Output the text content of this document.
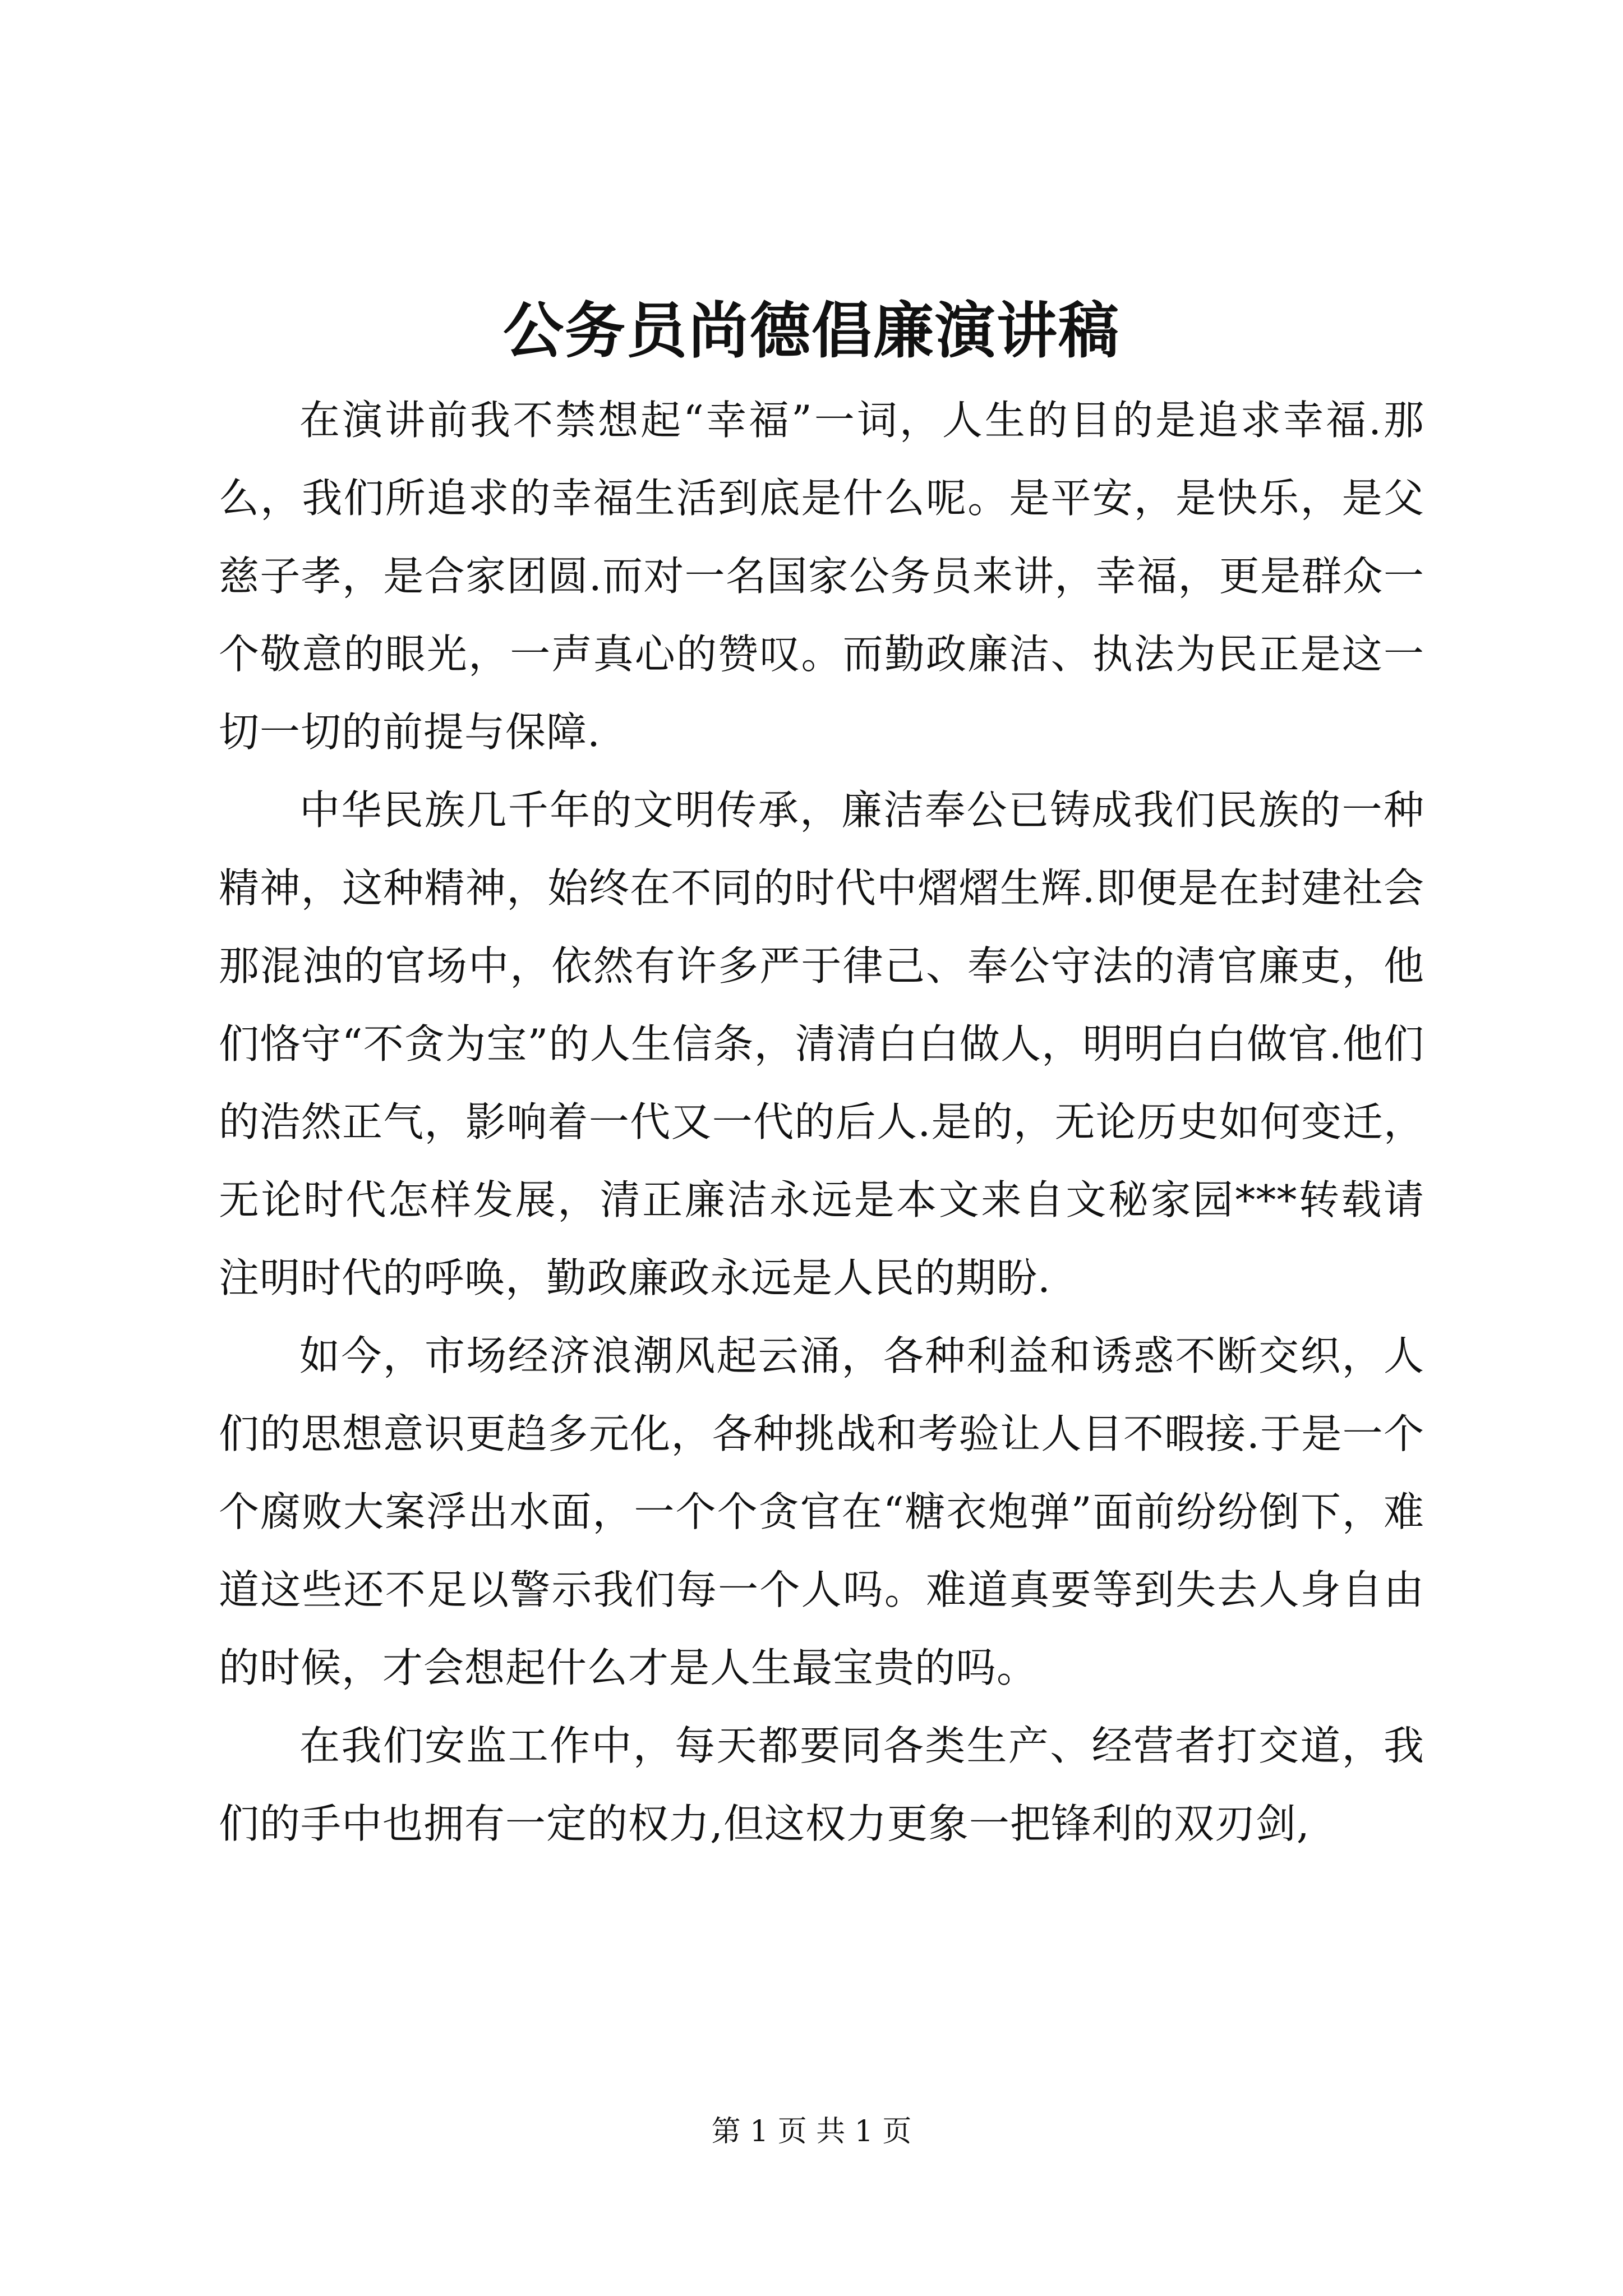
公务员尚德倡廉演讲稿

在演讲前我不禁想起“幸福”一词，人生的目的是追求幸福.那么，我们所追求的幸福生活到底是什么呢。是平安，是快乐，是父慈子孝，是合家团圆.而对一名国家公务员来讲，幸福，更是群众一个敬意的眼光，一声真心的赞叹。而勤政廉洁、执法为民正是这一切一切的前提与保障.

中华民族几千年的文明传承，廉洁奉公已铸成我们民族的一种精神，这种精神，始终在不同的时代中熠熠生辉.即便是在封建社会那混浊的官场中，依然有许多严于律己、奉公守法的清官廉吏，他们恪守“不贪为宝”的人生信条，清清白白做人，明明白白做官.他们的浩然正气，影响着一代又一代的后人.是的，无论历史如何变迁，无论时代怎样发展，清正廉洁永远是本文来自文秘家园***转载请注明时代的呼唤，勤政廉政永远是人民的期盼.

如今，市场经济浪潮风起云涌，各种利益和诱惑不断交织，人们的思想意识更趋多元化，各种挑战和考验让人目不暇接.于是一个个腐败大案浮出水面，一个个贪官在“糖衣炮弹”面前纷纷倒下，难道这些还不足以警示我们每一个人吗。难道真要等到失去人身自由的时候，才会想起什么才是人生最宝贵的吗。

在我们安监工作中，每天都要同各类生产、经营者打交道，我们的手中也拥有一定的权力,但这权力更象一把锋利的双刃剑,

第 1 页 共 1 页
